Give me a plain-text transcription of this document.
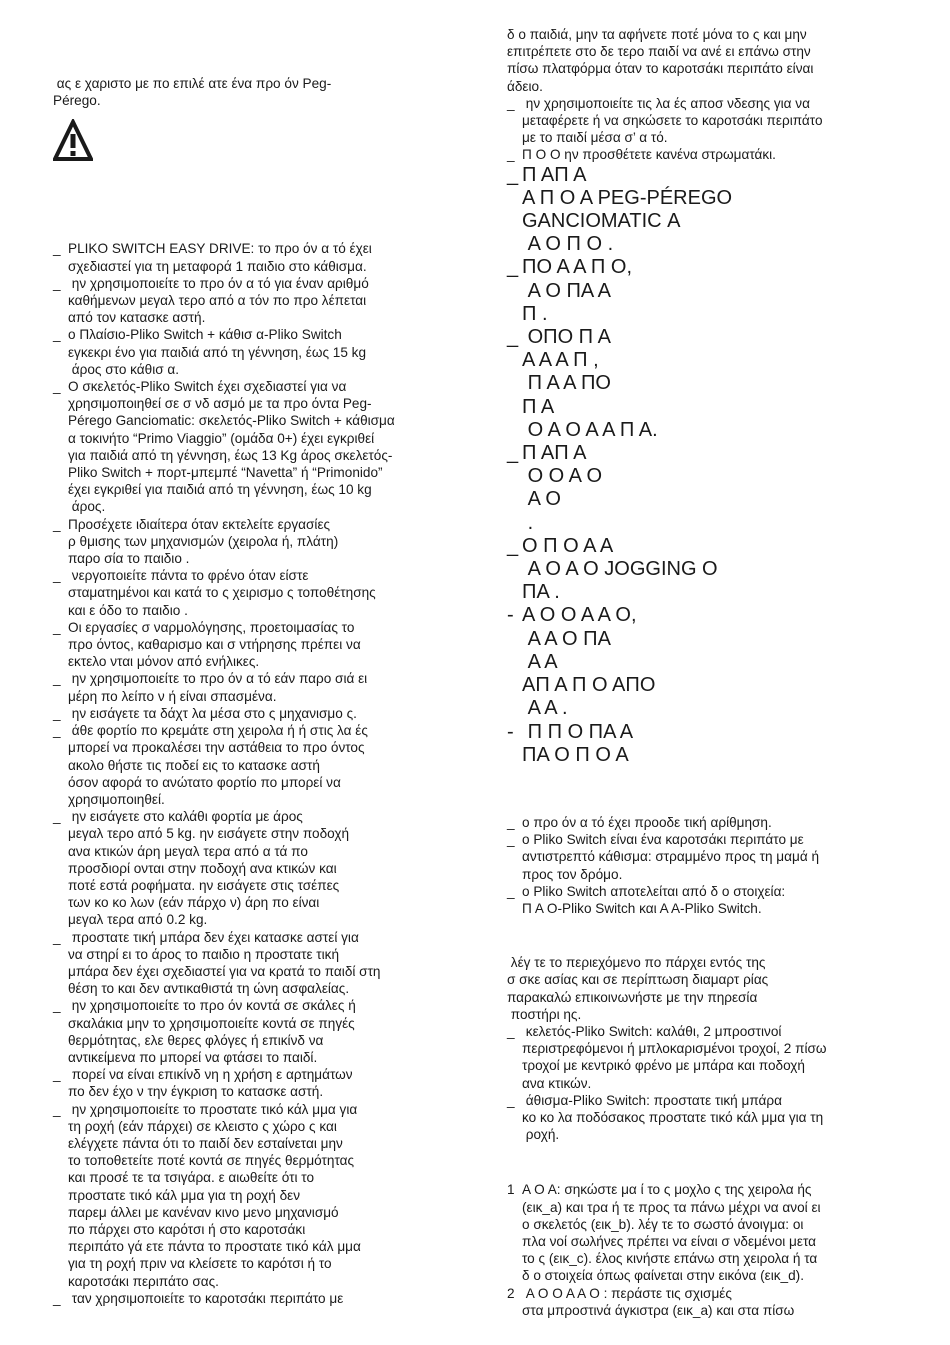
ας ε χαριστο με πο επιλέ ατε ένα προ όν Peg-
Pérego.
_ PLIKO SWITCH EASY DRIVE: το προ όν α τό έχει
σχεδιαστεί για τη μεταφορά 1 παιδιο στο κάθισμα.
_ ην χρησιμοποιείτε το προ όν α τό για έναν αριθμό
καθήμενων μεγαλ τερο από α τόν πο προ λέπεται
από τον κατασκε αστή.
_ ο Πλαίσιο-Pliko Switch + κάθισ α-Pliko Switch
εγκεκρι ένο για παιδιά από τη γέννηση, έως 15 kg
άρος στο κάθισ α.
_ Ο σκελετός-Pliko Switch έχει σχεδιαστεί για να
χρησιμοποιηθεί σε σ νδ ασμό με τα προ όντα Peg-
Pérego Ganciomatic: σκελετός-Pliko Switch + κάθισμα
α τοκινήτο “Primo Viaggio” (ομάδα 0+) έχει εγκριθεί
για παιδιά από τη γέννηση, έως 13 Kg άρος σκελετός-
Pliko Switch + πορτ-μπεμπέ “Navetta” ή “Primonido”
έχει εγκριθεί για παιδιά από τη γέννηση, έως 10 kg
άρος.
_ Προσέχετε ιδιαίτερα όταν εκτελείτε εργασίες
ρ θμισης των μηχανισμών (χειρολα ή, πλάτη)
παρο σία το παιδιο .
_ νεργοποιείτε πάντα το φρένο όταν είστε
σταματημένοι και κατά το ς χειρισμο ς τοποθέτησης
και ε όδο το παιδιο .
_ Οι εργασίες σ ναρμολόγησης, προετοιμασίας το
προ όντος, καθαρισμο και σ ντήρησης πρέπει να
εκτελο νται μόνον από ενήλικες.
_ ην χρησιμοποιείτε το προ όν α τό εάν παρο σιά ει
μέρη πο λείπο ν ή είναι σπασμένα.
_ ην εισάγετε τα δάχτ λα μέσα στο ς μηχανισμο ς.
_ άθε φορτίο πο κρεμάτε στη χειρολα ή ή στις λα ές
μπορεί να προκαλέσει την αστάθεια το προ όντος
ακολο θήστε τις ποδεί εις το κατασκε αστή
όσον αφορά το ανώτατο φορτίο πο μπορεί να
χρησιμοποιηθεί.
_ ην εισάγετε στο καλάθι φορτία με άρος
μεγαλ τερο από 5 kg. ην εισάγετε στην ποδοχή
ανα κτικών άρη μεγαλ τερα από α τά πο
προσδιορί ονται στην ποδοχή ανα κτικών και
ποτέ εστά ροφήματα. ην εισάγετε στις τσέπες
των κο κο λων (εάν πάρχο ν) άρη πο είναι
μεγαλ τερα από 0.2 kg.
_ προστατε τική μπάρα δεν έχει κατασκε αστεί για
να στηρί ει το άρος το παιδιο η προστατε τική
μπάρα δεν έχει σχεδιαστεί για να κρατά το παιδί στη
θέση το και δεν αντικαθιστά τη ώνη ασφαλείας.
_ ην χρησιμοποιείτε το προ όν κοντά σε σκάλες ή
σκαλάκια μην το χρησιμοποιείτε κοντά σε πηγές
θερμότητας, ελε θερες φλόγες ή επικίνδ να
αντικείμενα πο μπορεί να φτάσει το παιδί.
_ πορεί να είναι επικίνδ νη η χρήση ε αρτημάτων
πο δεν έχο ν την έγκριση το κατασκε αστή.
_ ην χρησιμοποιείτε το προστατε τικό κάλ μμα για
τη ροχή (εάν πάρχει) σε κλειστο ς χώρο ς και
ελέγχετε πάντα ότι το παιδί δεν εσταίνεται μην
το τοποθετείτε ποτέ κοντά σε πηγές θερμότητας
και προσέ τε τα τσιγάρα. ε αιωθείτε ότι το
προστατε τικό κάλ μμα για τη ροχή δεν
παρεμ άλλει με κανέναν κινο μενο μηχανισμό
πο πάρχει στο καρότσι ή στο καροτσάκι
περιπάτο γά ετε πάντα το προστατε τικό κάλ μμα
για τη ροχή πριν να κλείσετε το καρότσι ή το
καροτσάκι περιπάτο σας.
_ ταν χρησιμοποιείτε το καροτσάκι περιπάτο με
δ ο παιδιά, μην τα αφήνετε ποτέ μόνα το ς και μην
επιτρέπετε στο δε τερο παιδί να ανέ ει επάνω στην
πίσω πλατφόρμα όταν το καροτσάκι περιπάτο είναι
άδειο.
_ ην χρησιμοποιείτε τις λα ές αποσ νδεσης για να
μεταφέρετε ή να σηκώσετε το καροτσάκι περιπάτο
με το παιδί μέσα σ’ α τό.
_ Π Ο Ο ην προσθέτετε κανένα στρωματάκι.
_ Π ΑΠ Α
Α Π Ο Α PEG-PÉREGO
GANCIOMATIC Α
Α Ο Π Ο .
_ ΠΟ Α Α Π Ο,
Α Ο ΠΑ Α
Π .
_ ΟΠΟ Π Α
Α Α Α Π ,
Π Α Α ΠΟ
Π Α
Ο Α Ο Α Α Π Α.
_ Π ΑΠ Α
Ο Ο Α Ο
Α Ο
.
_ Ο Π Ο Α Α
Α Ο Α Ο JOGGING Ο
ΠΑ .
- Α Ο Ο Α Α Ο,
Α Α Ο ΠΑ
Α Α
ΑΠ Α Π Ο ΑΠΟ
Α Α .
- Π Π Ο ΠΑ Α
ΠΑ Ο Π Ο Α
_ ο προ όν α τό έχει προοδε τική αρίθμηση.
_ ο Pliko Switch είναι ένα καροτσάκι περιπάτο με
αντιστρεπτό κάθισμα: στραμμένο προς τη μαμά ή
προς τον δρόμο.
_ ο Pliko Switch αποτελείται από δ ο στοιχεία:
Π Α Ο-Pliko Switch και Α Α-Pliko Switch.
λέγ τε το περιεχόμενο πο πάρχει εντός της
σ σκε ασίας και σε περίπτωση διαμαρτ ρίας
παρακαλώ επικοινωνήστε με την πηρεσία
ποστήρι ης.
_ κελετός-Pliko Switch: καλάθι, 2 μπροστινοί
περιστρεφόμενοι ή μπλοκαρισμένοι τροχοί, 2 πίσω
τροχοί με κεντρικό φρένο με μπάρα και ποδοχή
ανα κτικών.
_ άθισμα-Pliko Switch: προστατε τική μπάρα
κο κο λα ποδόσακος προστατε τικό κάλ μμα για τη
ροχή.
1 Α Ο Α: σηκώστε μα ί το ς μοχλο ς της χειρολα ής
(εικ_a) και τρα ή τε προς τα πάνω μέχρι να ανοί ει
ο σκελετός (εικ_b). λέγ τε το σωστό άνοιγμα: οι
πλα νοί σωλήνες πρέπει να είναι σ νδεμένοι μετα
το ς (εικ_c). έλος κινήστε επάνω στη χειρολα ή τα
δ ο στοιχεία όπως φαίνεται στην εικόνα (εικ_d).
2 Α Ο Ο Α Α Ο : περάστε τις σχισμές
στα μπροστινά άγκιστρα (εικ_a) και στα πίσω
